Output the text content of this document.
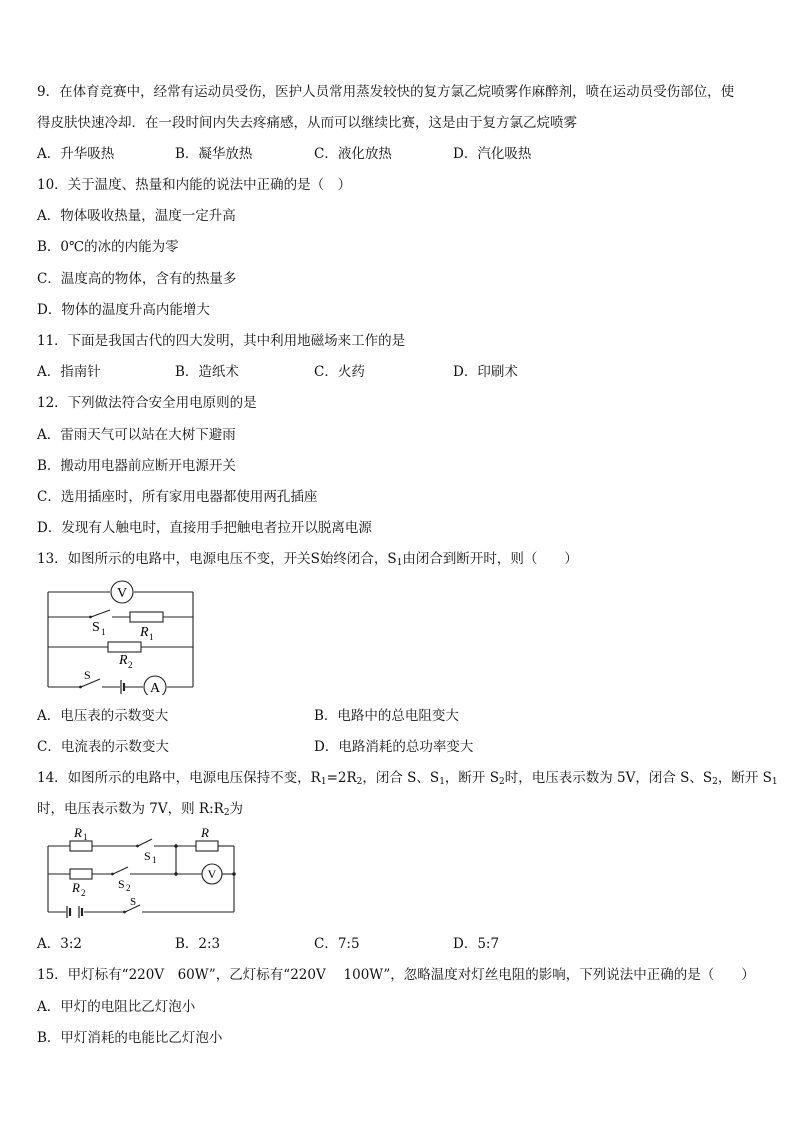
9．在体育竞赛中，经常有运动员受伤，医护人员常用蒸发较快的复方氯乙烷喷雾作麻醉剂，喷在运动员受伤部位，使
得皮肤快速冷却．在一段时间内失去疼痛感，从而可以继续比赛，这是由于复方氯乙烷喷雾
A．升华吸热	B．凝华放热	C．液化放热	D．汽化吸热
10．关于温度、热量和内能的说法中正确的是（　）
A．物体吸收热量，温度一定升高
B．0℃的冰的内能为零
C．温度高的物体，含有的热量多
D．物体的温度升高内能增大
11．下面是我国古代的四大发明，其中利用地磁场来工作的是
A．指南针	B．造纸术	C．火药	D．印刷术
12．下列做法符合安全用电原则的是
A．雷雨天气可以站在大树下避雨
B．搬动用电器前应断开电源开关
C．选用插座时，所有家用电器都使用两孔插座
D．发现有人触电时，直接用手把触电者拉开以脱离电源
13．如图所示的电路中，电源电压不变，开关S始终闭合，$S_1$由闭合到断开时，则（　　）
V
A
S 1 R 1
R 2
S
A．电压表的示数变大	B．电路中的总电阻变大
C．电流表的示数变大	D．电路消耗的总功率变大
14．如图所示的电路中，电源电压保持不变，$R_1=2R_2$，闭合 S、$S_1$，断开 $S_2$时，电压表示数为 5V，闭合 S、$S_2$，断开 $S_1$
时，电压表示数为 7V，则 $R:R_2$为
V
R 1
S 1
R
R 2
S 2
S
A．3:2	B．2:3	C．7:5	D．5:7
15．甲灯标有“220V　60W”，乙灯标有“220V　 100W”，忽略温度对灯丝电阻的影响，下列说法中正确的是（　　）
A．甲灯的电阻比乙灯泡小
B．甲灯消耗的电能比乙灯泡小
